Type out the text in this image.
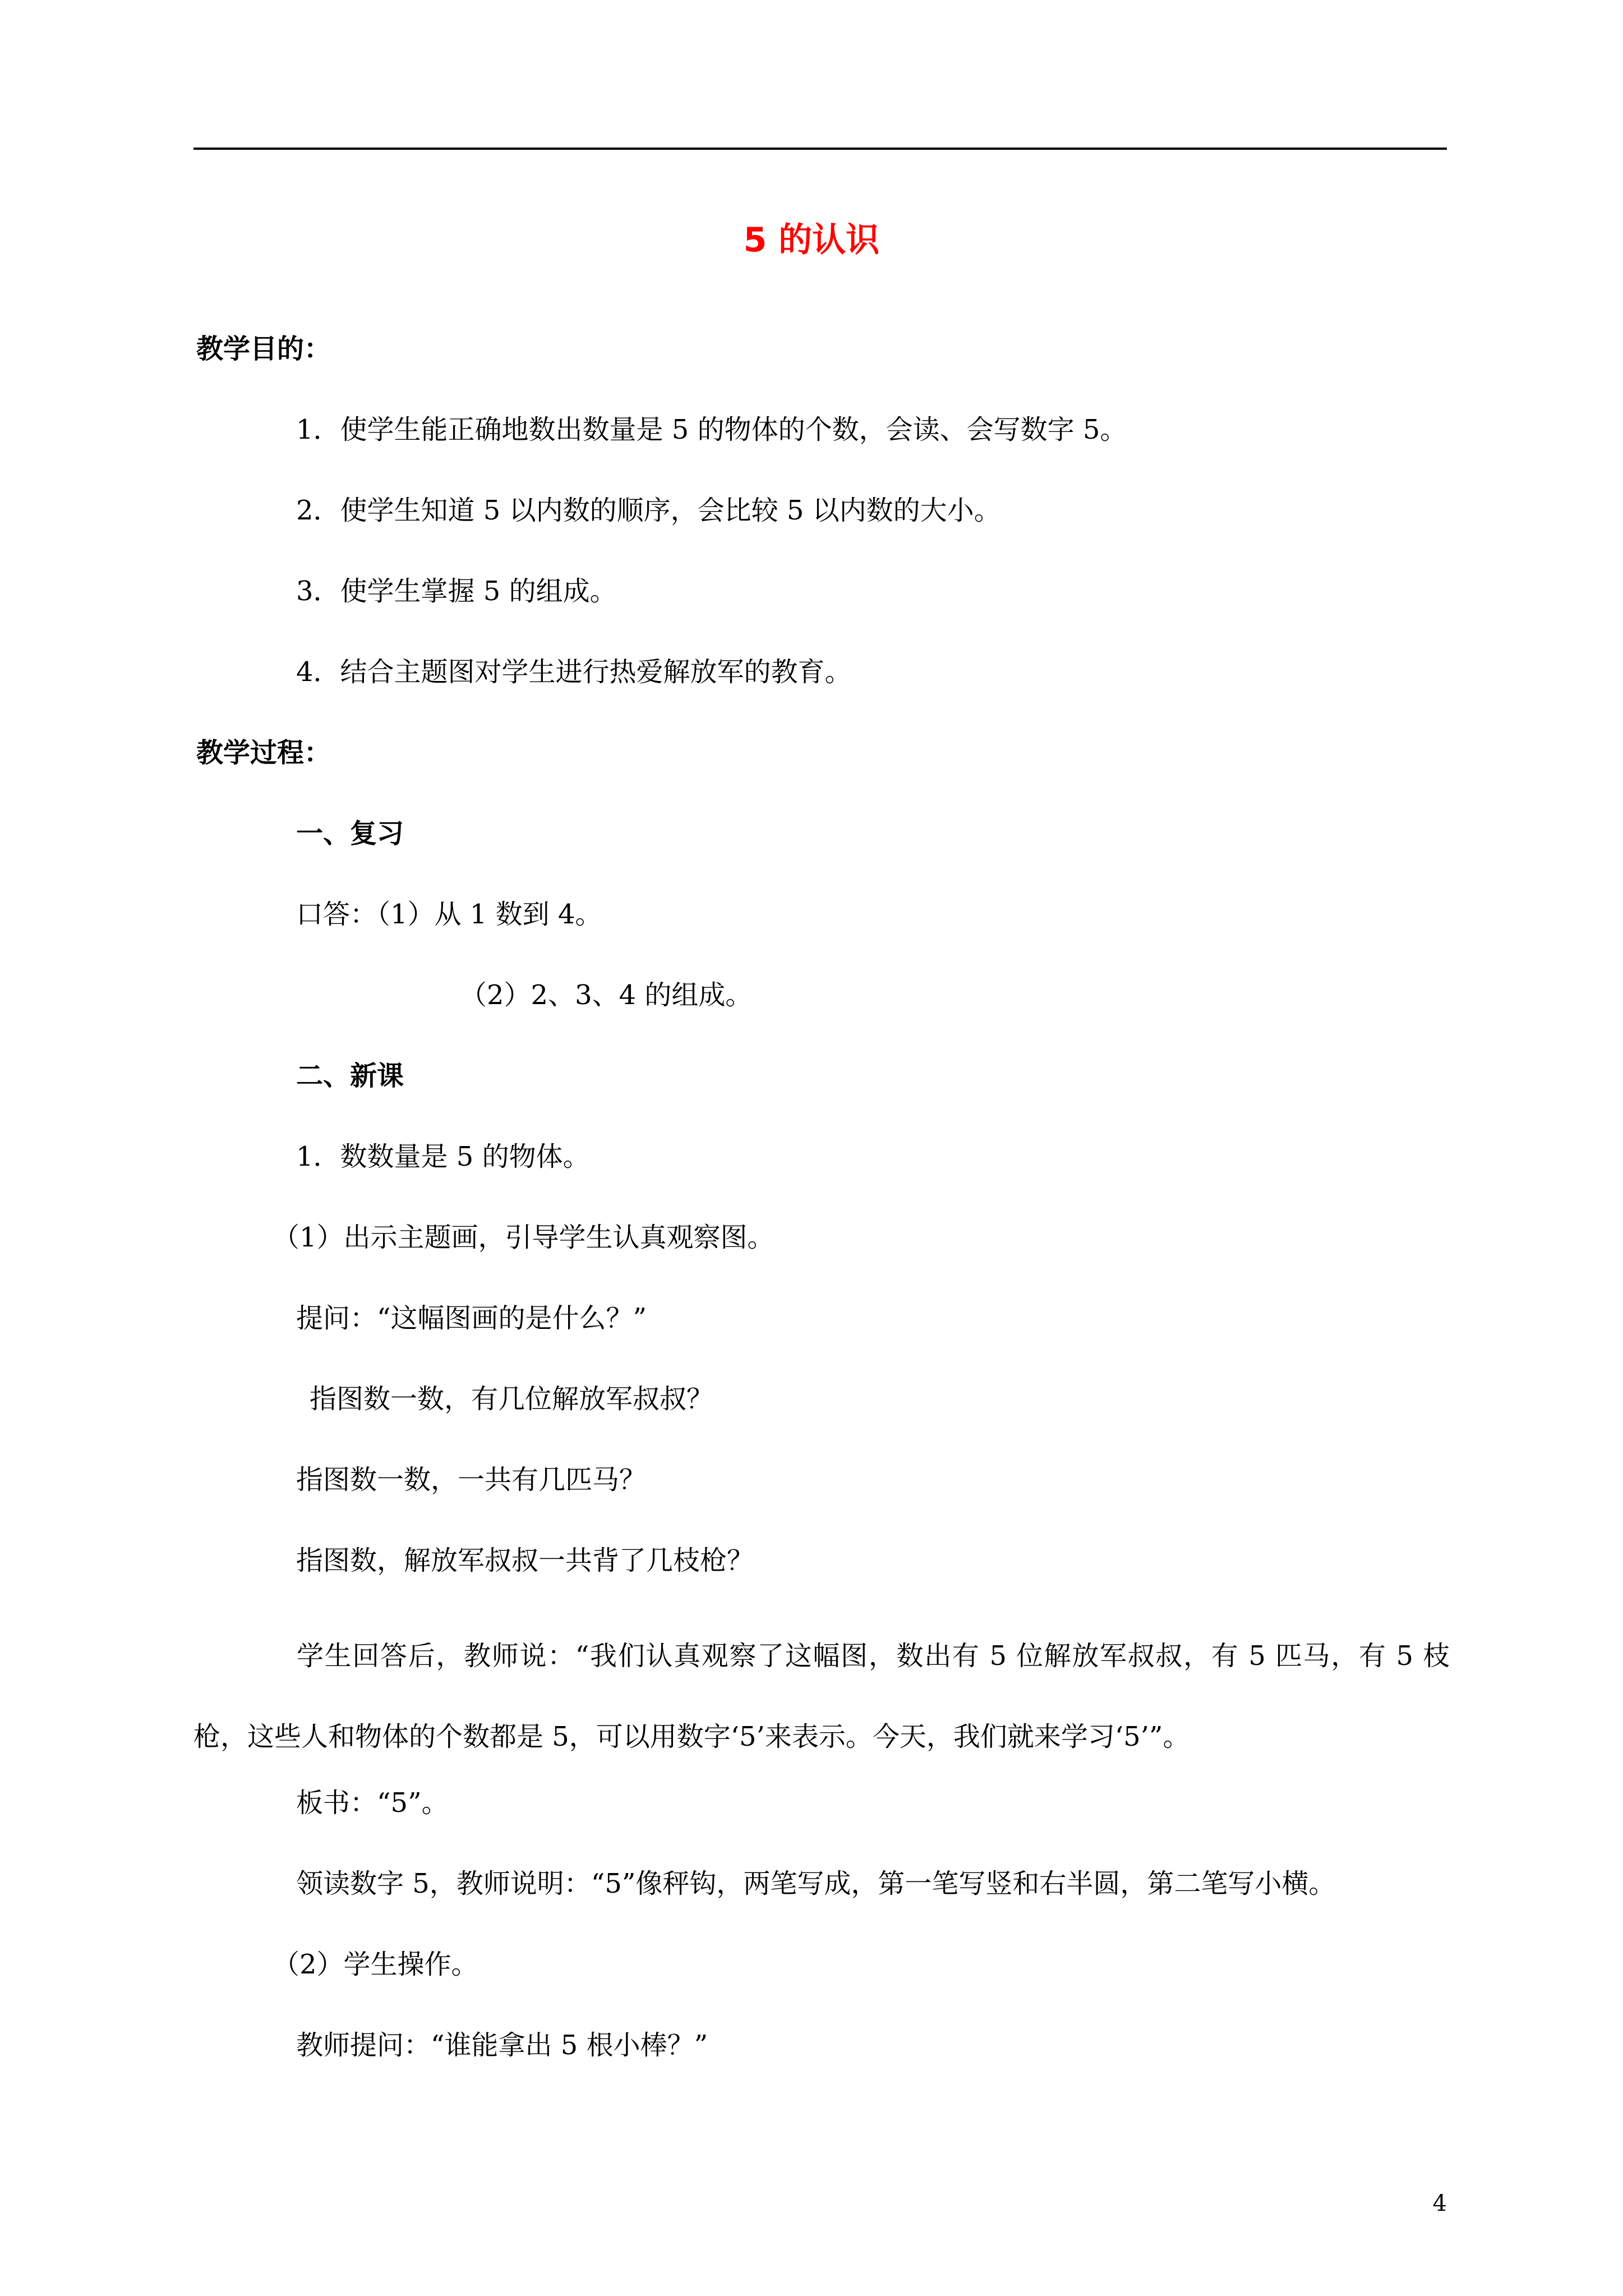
5 的认识
教学目的：
1．使学生能正确地数出数量是 5 的物体的个数，会读、会写数字 5。
2．使学生知道 5 以内数的顺序，会比较 5 以内数的大小。
3．使学生掌握 5 的组成。
4．结合主题图对学生进行热爱解放军的教育。
教学过程：
一、复习
口答：（1）从 1 数到 4。
（2）2、3、4 的组成。
二、新课
1．数数量是 5 的物体。
（1）出示主题画，引导学生认真观察图。
提问：“这幅图画的是什么？”
指图数一数，有几位解放军叔叔？
指图数一数，一共有几匹马？
指图数，解放军叔叔一共背了几枝枪？
学生回答后，教师说：“我们认真观察了这幅图，数出有 5 位解放军叔叔，有 5 匹马，有 5 枝枪，这些人和物体的个数都是 5，可以用数字‘5’来表示。今天，我们就来学习‘5’”。
板书：“5”。
领读数字 5，教师说明：“5”像秤钩，两笔写成，第一笔写竖和右半圆，第二笔写小横。
（2）学生操作。
教师提问：“谁能拿出 5 根小棒？”
4
